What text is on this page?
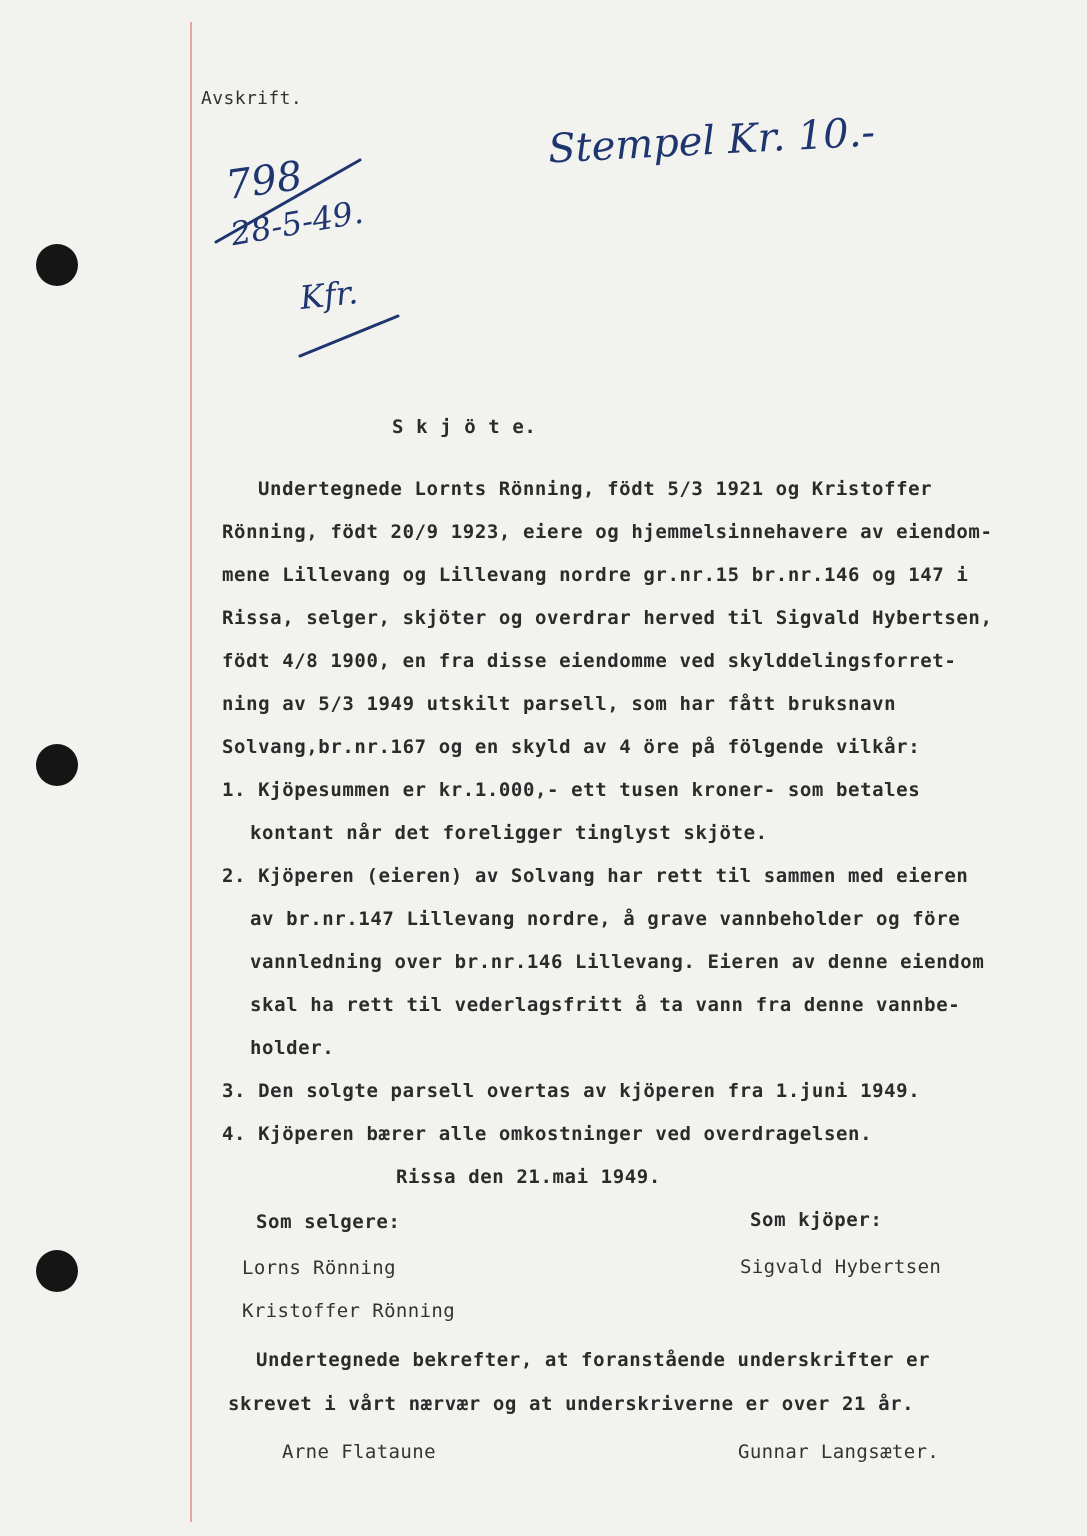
Avskrift.
Stempel Kr. 10.-
798
28-5-49.
Kfr.
S k j ö t e.
Undertegnede Lornts Rönning, födt 5/3 1921 og Kristoffer
Rönning, födt 20/9 1923, eiere og hjemmelsinnehavere av eiendom-
mene Lillevang og Lillevang nordre gr.nr.15 br.nr.146 og 147 i
Rissa, selger, skjöter og overdrar herved til Sigvald Hybertsen,
födt 4/8 1900, en fra disse eiendomme ved skylddelingsforret-
ning av 5/3 1949 utskilt parsell, som har fått bruksnavn
Solvang,br.nr.167 og en skyld av 4 öre på fölgende vilkår:
1. Kjöpesummen er kr.1.000,- ett tusen kroner- som betales
kontant når det foreligger tinglyst skjöte.
2. Kjöperen (eieren) av Solvang har rett til sammen med eieren
av br.nr.147 Lillevang nordre, å grave vannbeholder og före
vannledning over br.nr.146 Lillevang. Eieren av denne eiendom
skal ha rett til vederlagsfritt å ta vann fra denne vannbe-
holder.
3. Den solgte parsell overtas av kjöperen fra 1.juni 1949.
4. Kjöperen bærer alle omkostninger ved overdragelsen.
Rissa den 21.mai 1949.
Som selgere:	Som kjöper:
Lorns Rönning	Sigvald Hybertsen
Kristoffer Rönning
Undertegnede bekrefter, at foranstående underskrifter er
skrevet i vårt nærvær og at underskriverne er over 21 år.
Arne Flataune	Gunnar Langsæter.
